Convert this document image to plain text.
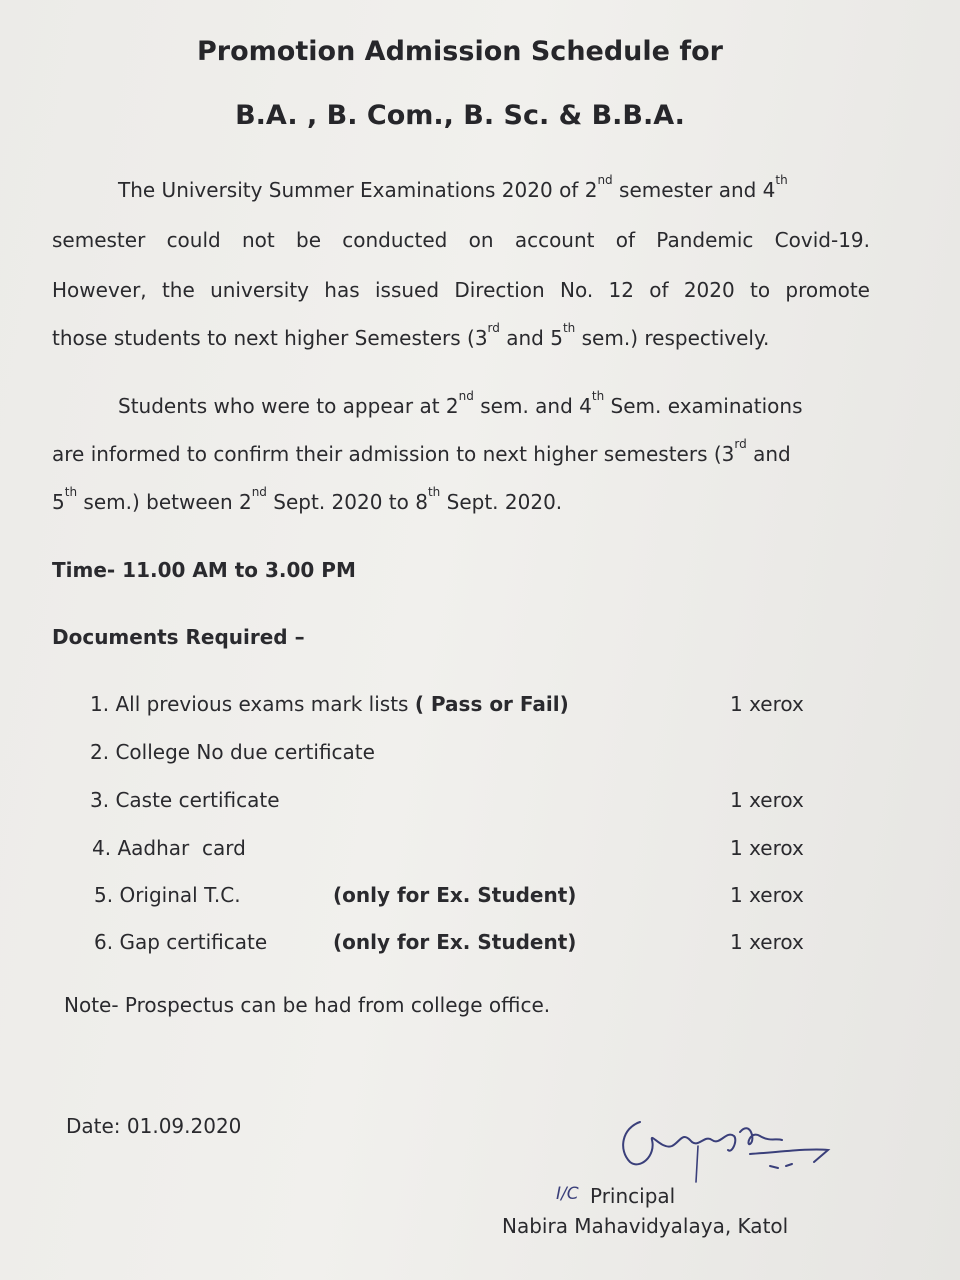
Promotion Admission Schedule for
B.A. , B. Com., B. Sc. & B.B.A.
The University Summer Examinations 2020 of 2nd semester and 4th
semester could not be conducted on account of Pandemic Covid-19.
However, the university has issued Direction No. 12 of 2020 to promote
those students to next higher Semesters (3rd and 5th sem.) respectively.
Students who were to appear at 2nd sem. and 4th Sem. examinations
are informed to confirm their admission to next higher semesters (3rd and
5th sem.) between 2nd Sept. 2020 to 8th Sept. 2020.
Time- 11.00 AM to 3.00 PM
Documents Required –
1. All previous exams mark lists ( Pass or Fail)	1 xerox
2. College No due certificate
3. Caste certificate	1 xerox
4. Aadhar  card	1 xerox
5. Original T.C.	(only for Ex. Student)	1 xerox
6. Gap certificate	(only for Ex. Student)	1 xerox
Note- Prospectus can be had from college office.
Date: 01.09.2020
I/C Principal
Nabira Mahavidyalaya, Katol
